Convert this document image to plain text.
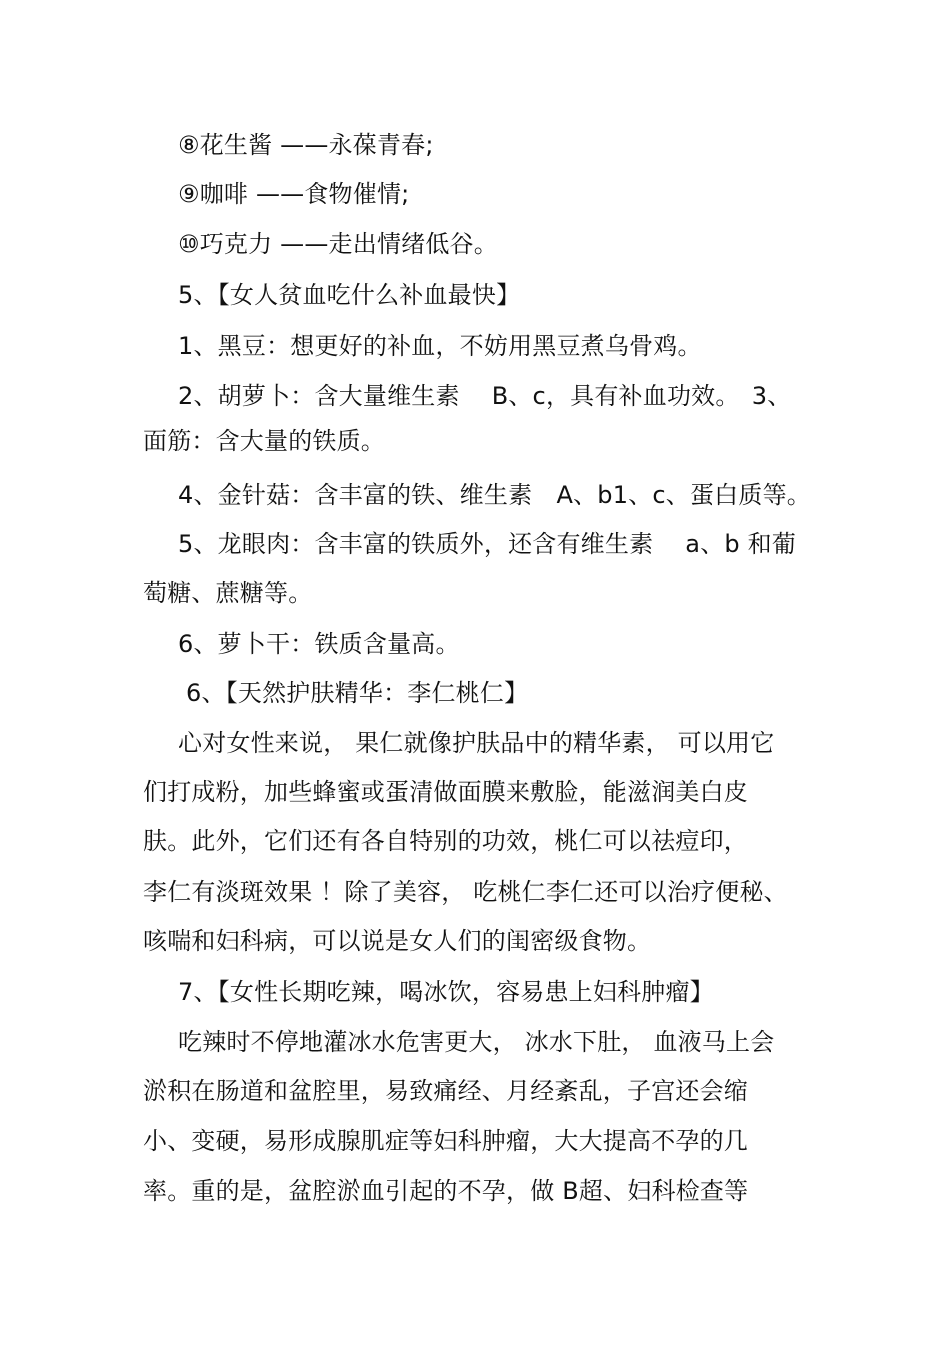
⑧花生酱 ——永葆青春;
⑨咖啡 ——食物催情;
⑩巧克力 ——走出情绪低谷。
5、【女人贫血吃什么补血最快】
1、黑豆：想更好的补血，不妨用黑豆煮乌骨鸡。
2、胡萝卜：含大量维生素　 B、c，具有补血功效。　3、
面筋：含大量的铁质。
4、金针菇：含丰富的铁、维生素　A、b1、c、蛋白质等。
5、龙眼肉：含丰富的铁质外，还含有维生素　 a、b 和葡
萄糖、蔗糖等。
6、萝卜干：铁质含量高。
6、【天然护肤精华：李仁桃仁】
心对女性来说， 果仁就像护肤品中的精华素， 可以用它
们打成粉，加些蜂蜜或蛋清做面膜来敷脸，能滋润美白皮
肤。此外，它们还有各自特别的功效，桃仁可以祛痘印，
李仁有淡斑效果 ！除了美容， 吃桃仁李仁还可以治疗便秘、
咳喘和妇科病，可以说是女人们的闺密级食物。
7、【女性长期吃辣，喝冰饮，容易患上妇科肿瘤】
吃辣时不停地灌冰水危害更大， 冰水下肚， 血液马上会
淤积在肠道和盆腔里，易致痛经、月经紊乱，子宫还会缩
小、变硬，易形成腺肌症等妇科肿瘤，大大提高不孕的几
率。重的是，盆腔淤血引起的不孕，做 B超、妇科检查等
